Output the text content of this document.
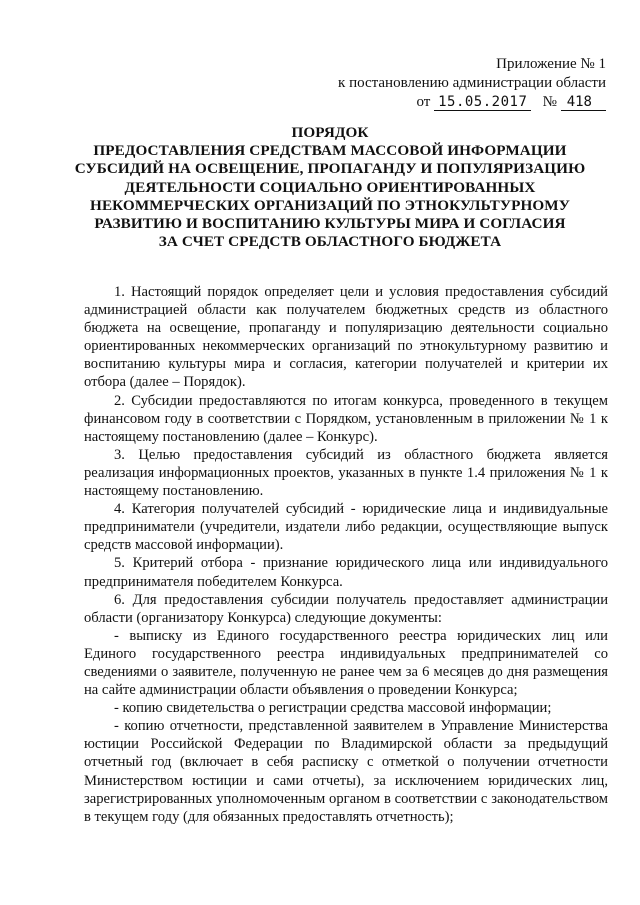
Приложение № 1
к постановлению администрации области
от 15.05.2017 № 418
ПОРЯДОК
ПРЕДОСТАВЛЕНИЯ СРЕДСТВАМ МАССОВОЙ ИНФОРМАЦИИ
СУБСИДИЙ НА ОСВЕЩЕНИЕ, ПРОПАГАНДУ И ПОПУЛЯРИЗАЦИЮ
ДЕЯТЕЛЬНОСТИ СОЦИАЛЬНО ОРИЕНТИРОВАННЫХ
НЕКОММЕРЧЕСКИХ ОРГАНИЗАЦИЙ ПО ЭТНОКУЛЬТУРНОМУ
РАЗВИТИЮ И ВОСПИТАНИЮ КУЛЬТУРЫ МИРА И СОГЛАСИЯ
ЗА СЧЕТ СРЕДСТВ ОБЛАСТНОГО БЮДЖЕТА

1. Настоящий порядок определяет цели и условия предоставления субсидий администрацией области как получателем бюджетных средств из областного бюджета на освещение, пропаганду и популяризацию деятельности социально ориентированных некоммерческих организаций по этнокультурному развитию и воспитанию культуры мира и согласия, категории получателей и критерии их отбора (далее – Порядок).

2. Субсидии предоставляются по итогам конкурса, проведенного в текущем финансовом году в соответствии с Порядком, установленным в приложении № 1 к настоящему постановлению (далее – Конкурс).

3. Целью предоставления субсидий из областного бюджета является реализация информационных проектов, указанных в пункте 1.4 приложения № 1 к настоящему постановлению.

4. Категория получателей субсидий - юридические лица и индивидуальные предприниматели (учредители, издатели либо редакции, осуществляющие выпуск средств массовой информации).

5. Критерий отбора - признание юридического лица или индивидуального предпринимателя победителем Конкурса.

6. Для предоставления субсидии получатель предоставляет администрации области (организатору Конкурса) следующие документы:

- выписку из Единого государственного реестра юридических лиц или Единого государственного реестра индивидуальных предпринимателей со сведениями о заявителе, полученную не ранее чем за 6 месяцев до дня размещения на сайте администрации области объявления о проведении Конкурса;

- копию свидетельства о регистрации средства массовой информации;

- копию отчетности, представленной заявителем в Управление Министерства юстиции Российской Федерации по Владимирской области за предыдущий отчетный год (включает в себя расписку с отметкой о получении отчетности Министерством юстиции и сами отчеты), за исключением юридических лиц, зарегистрированных уполномоченным органом в соответствии с законодательством в текущем году (для обязанных предоставлять отчетность);
